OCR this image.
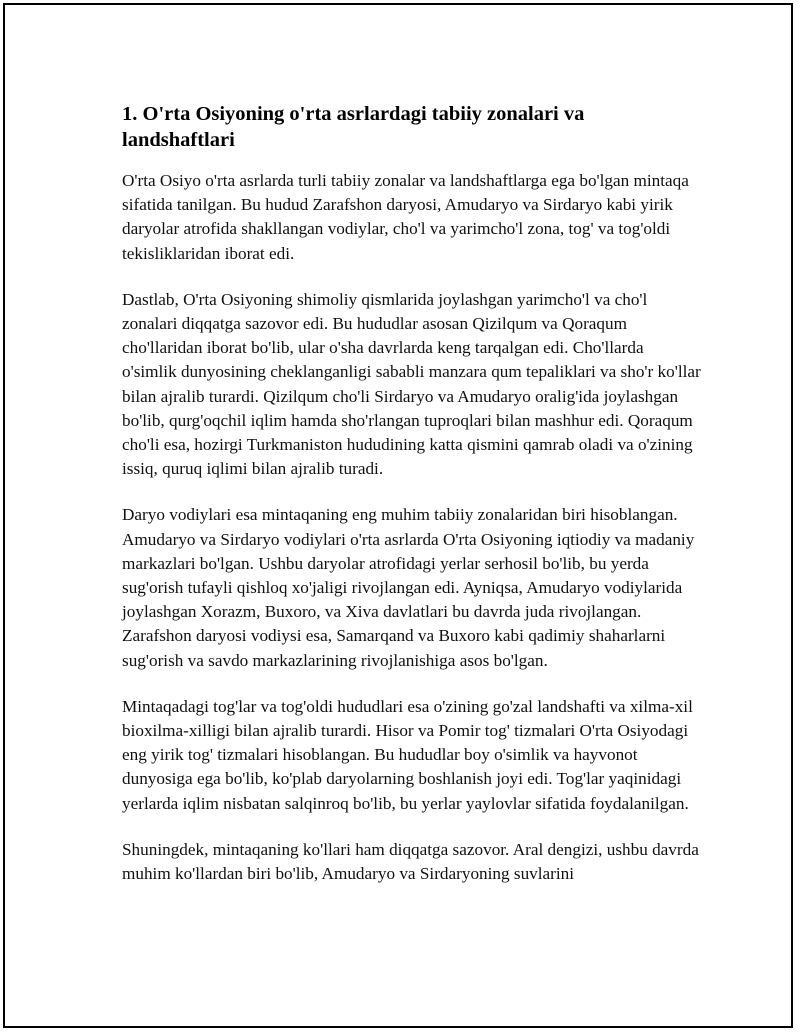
1. O'rta Osiyoning o'rta asrlardagi tabiiy zonalari va landshaftlari

O'rta Osiyo o'rta asrlarda turli tabiiy zonalar va landshaftlarga ega bo'lgan mintaqa sifatida tanilgan. Bu hudud Zarafshon daryosi, Amudaryo va Sirdaryo kabi yirik daryolar atrofida shakllangan vodiylar, cho'l va yarimcho'l zona, tog' va tog'oldi tekisliklaridan iborat edi.

Dastlab, O'rta Osiyoning shimoliy qismlarida joylashgan yarimcho'l va cho'l zonalari diqqatga sazovor edi. Bu hududlar asosan Qizilqum va Qoraqum cho'llaridan iborat bo'lib, ular o'sha davrlarda keng tarqalgan edi. Cho'llarda o'simlik dunyosining cheklanganligi sababli manzara qum tepaliklari va sho'r ko'llar bilan ajralib turardi. Qizilqum cho'li Sirdaryo va Amudaryo oralig'ida joylashgan bo'lib, qurg'oqchil iqlim hamda sho'rlangan tuproqlari bilan mashhur edi. Qoraqum cho'li esa, hozirgi Turkmaniston hududining katta qismini qamrab oladi va o'zining issiq, quruq iqlimi bilan ajralib turadi.

Daryo vodiylari esa mintaqaning eng muhim tabiiy zonalaridan biri hisoblangan. Amudaryo va Sirdaryo vodiylari o'rta asrlarda O'rta Osiyoning iqtiodiy va madaniy markazlari bo'lgan. Ushbu daryolar atrofidagi yerlar serhosil bo'lib, bu yerda sug'orish tufayli qishloq xo'jaligi rivojlangan edi. Ayniqsa, Amudaryo vodiylarida joylashgan Xorazm, Buxoro, va Xiva davlatlari bu davrda juda rivojlangan. Zarafshon daryosi vodiysi esa, Samarqand va Buxoro kabi qadimiy shaharlarni sug'orish va savdo markazlarining rivojlanishiga asos bo'lgan.

Mintaqadagi tog'lar va tog'oldi hududlari esa o'zining go'zal landshafti va xilma-xil bioxilma-xilligi bilan ajralib turardi. Hisor va Pomir tog' tizmalari O'rta Osiyodagi eng yirik tog' tizmalari hisoblangan. Bu hududlar boy o'simlik va hayvonot dunyosiga ega bo'lib, ko'plab daryolarning boshlanish joyi edi. Tog'lar yaqinidagi yerlarda iqlim nisbatan salqinroq bo'lib, bu yerlar yaylovlar sifatida foydalanilgan.

Shuningdek, mintaqaning ko'llari ham diqqatga sazovor. Aral dengizi, ushbu davrda muhim ko'llardan biri bo'lib, Amudaryo va Sirdaryoning suvlarini
